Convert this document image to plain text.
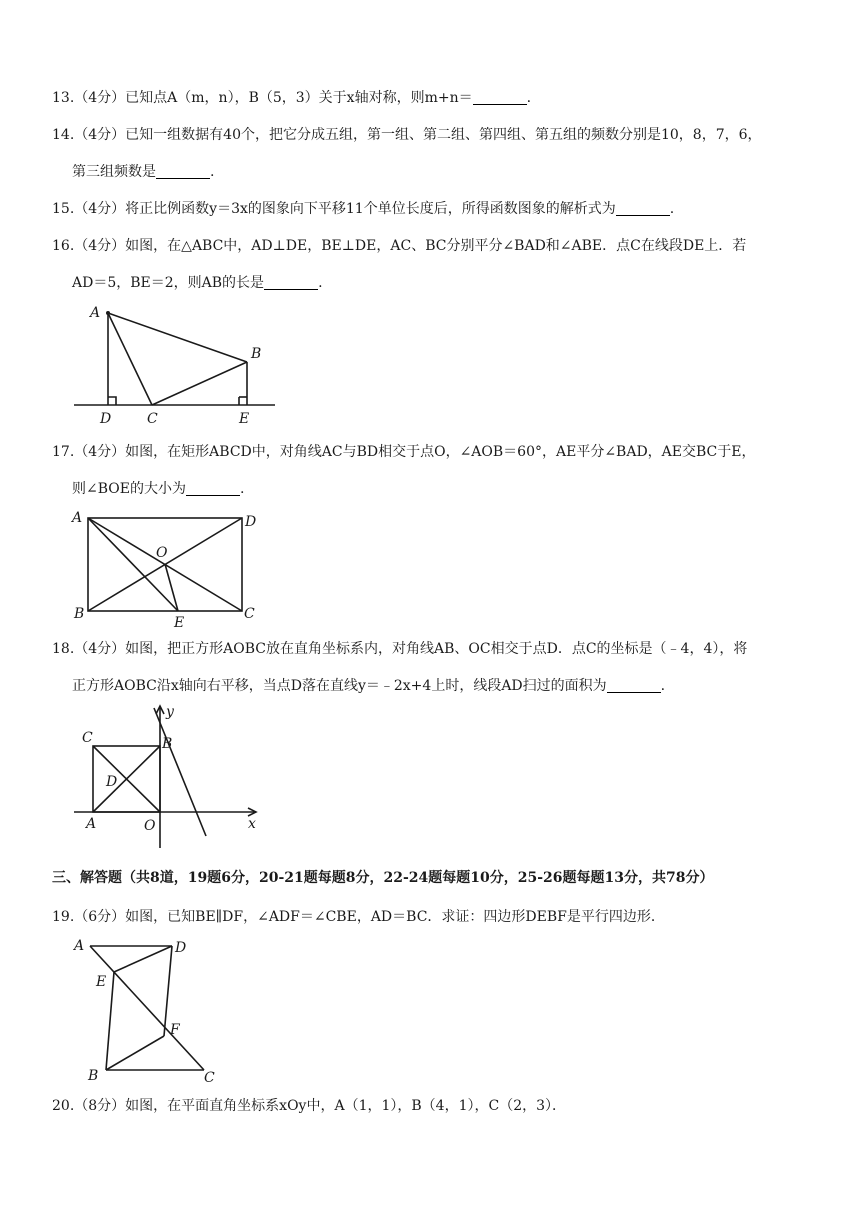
13.（4分）已知点A（m，n），B（5，3）关于x轴对称，则m+n＝	.
14.（4分）已知一组数据有40个，把它分成五组，第一组、第二组、第四组、第五组的频数分别是10，8，7，6，
第三组频数是	.
15.（4分）将正比例函数y＝3x的图象向下平移11个单位长度后，所得函数图象的解析式为	.
16.（4分）如图，在△ABC中，AD⊥DE，BE⊥DE，AC、BC分别平分∠BAD和∠ABE．点C在线段DE上．若
AD＝5，BE＝2，则AB的长是	.
A
B
D	C	E
17.（4分）如图，在矩形ABCD中，对角线AC与BD相交于点O，∠AOB＝60°，AE平分∠BAD，AE交BC于E，
则∠BOE的大小为	.
A	D
O
B
E
C
18.（4分）如图，把正方形AOBC放在直角坐标系内，对角线AB、OC相交于点D．点C的坐标是（﹣4，4），将
正方形AOBC沿x轴向右平移，当点D落在直线y＝﹣2x+4上时，线段AD扫过的面积为	.
y
C	B
D
A	O	x
三、解答题（共8道，19题6分，20-21题每题8分，22-24题每题10分，25-26题每题13分，共78分）
19.（6分）如图，已知BE∥DF，∠ADF＝∠CBE，AD＝BC．求证：四边形DEBF是平行四边形．
A	D
E
F
B	C
20.（8分）如图，在平面直角坐标系xOy中，A（1，1），B（4，1），C（2，3）．
